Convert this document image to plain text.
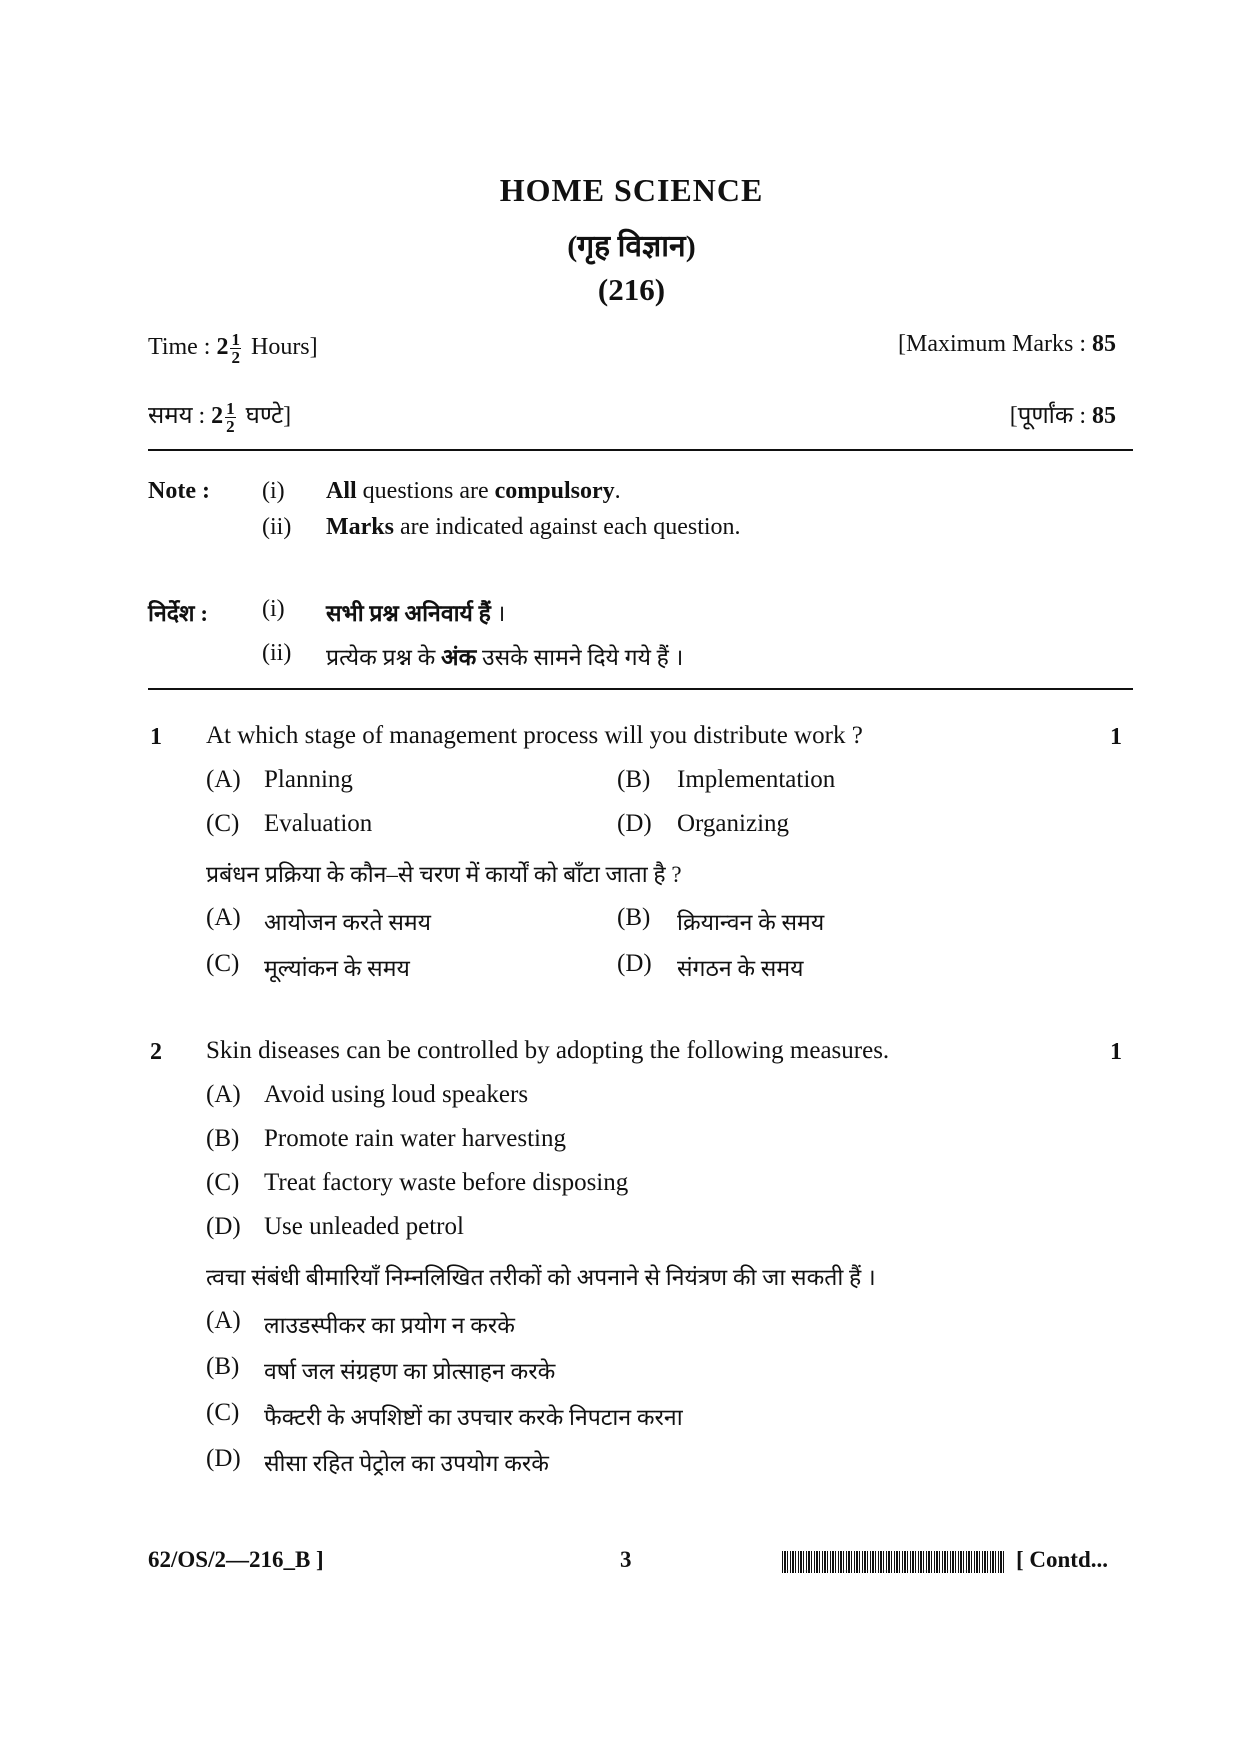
HOME SCIENCE
(गृह विज्ञान)
(216)
Time : $2 \frac{1}{2}$ Hours]	[Maximum Marks : 85
समय : $2 \frac{1}{2}$ घण्टे]	[पूर्णांक : 85
Note : (i) All questions are compulsory.
(ii) Marks are indicated against each question.
निर्देश : (i) सभी प्रश्न अनिवार्य हैं ।
(ii) प्रत्येक प्रश्न के अंक उसके सामने दिये गये हैं ।
1 At which stage of management process will you distribute work ?	1
(A) Planning	(B) Implementation
(C) Evaluation	(D) Organizing
प्रबंधन प्रक्रिया के कौन–से चरण में कार्यों को बाँटा जाता है ?
(A) आयोजन करते समय	(B) क्रियान्वन के समय
(C) मूल्यांकन के समय	(D) संगठन के समय
2 Skin diseases can be controlled by adopting the following measures.	1
(A) Avoid using loud speakers
(B) Promote rain water harvesting
(C) Treat factory waste before disposing
(D) Use unleaded petrol
त्वचा संबंधी बीमारियाँ निम्नलिखित तरीकों को अपनाने से नियंत्रण की जा सकती हैं ।
(A) लाउडस्पीकर का प्रयोग न करके
(B) वर्षा जल संग्रहण का प्रोत्साहन करके
(C) फैक्टरी के अपशिष्टों का उपचार करके निपटान करना
(D) सीसा रहित पेट्रोल का उपयोग करके
62/OS/2—216_B ]	3	[ Contd...
